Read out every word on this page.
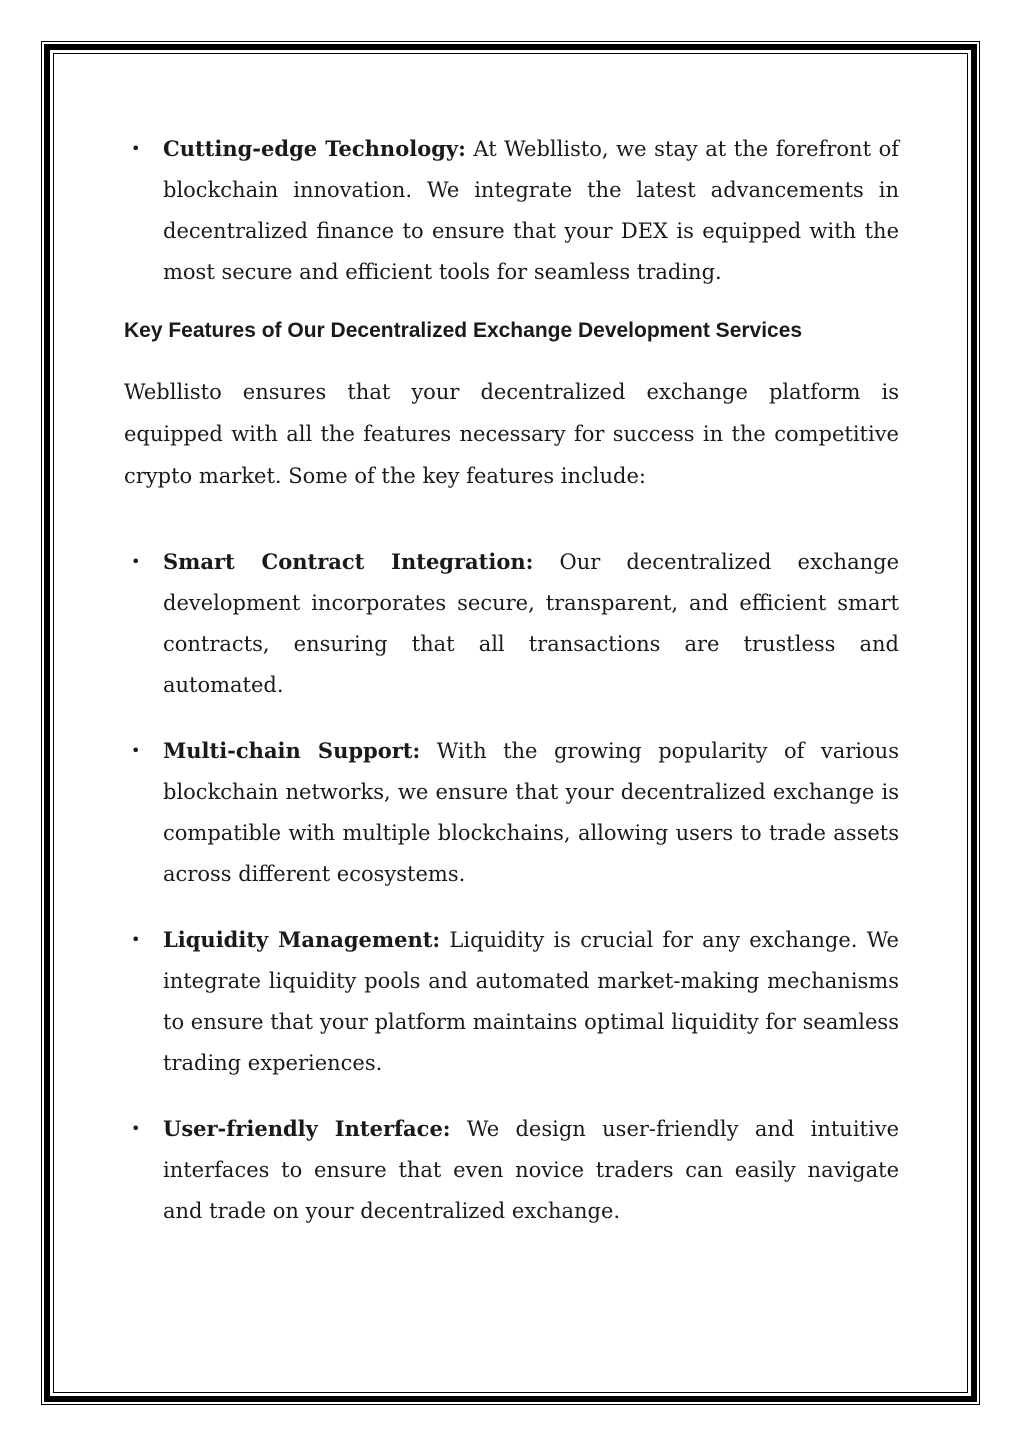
• Cutting-edge Technology: At Webllisto, we stay at the forefront of blockchain innovation. We integrate the latest advancements in decentralized finance to ensure that your DEX is equipped with the most secure and efficient tools for seamless trading.
Key Features of Our Decentralized Exchange Development Services

Webllisto ensures that your decentralized exchange platform is equipped with all the features necessary for success in the competitive crypto market. Some of the key features include:

• Smart Contract Integration: Our decentralized exchange development incorporates secure, transparent, and efficient smart contracts, ensuring that all transactions are trustless and automated.
• Multi-chain Support: With the growing popularity of various blockchain networks, we ensure that your decentralized exchange is compatible with multiple blockchains, allowing users to trade assets across different ecosystems.
• Liquidity Management: Liquidity is crucial for any exchange. We integrate liquidity pools and automated market-making mechanisms to ensure that your platform maintains optimal liquidity for seamless trading experiences.
• User-friendly Interface: We design user-friendly and intuitive interfaces to ensure that even novice traders can easily navigate and trade on your decentralized exchange.
